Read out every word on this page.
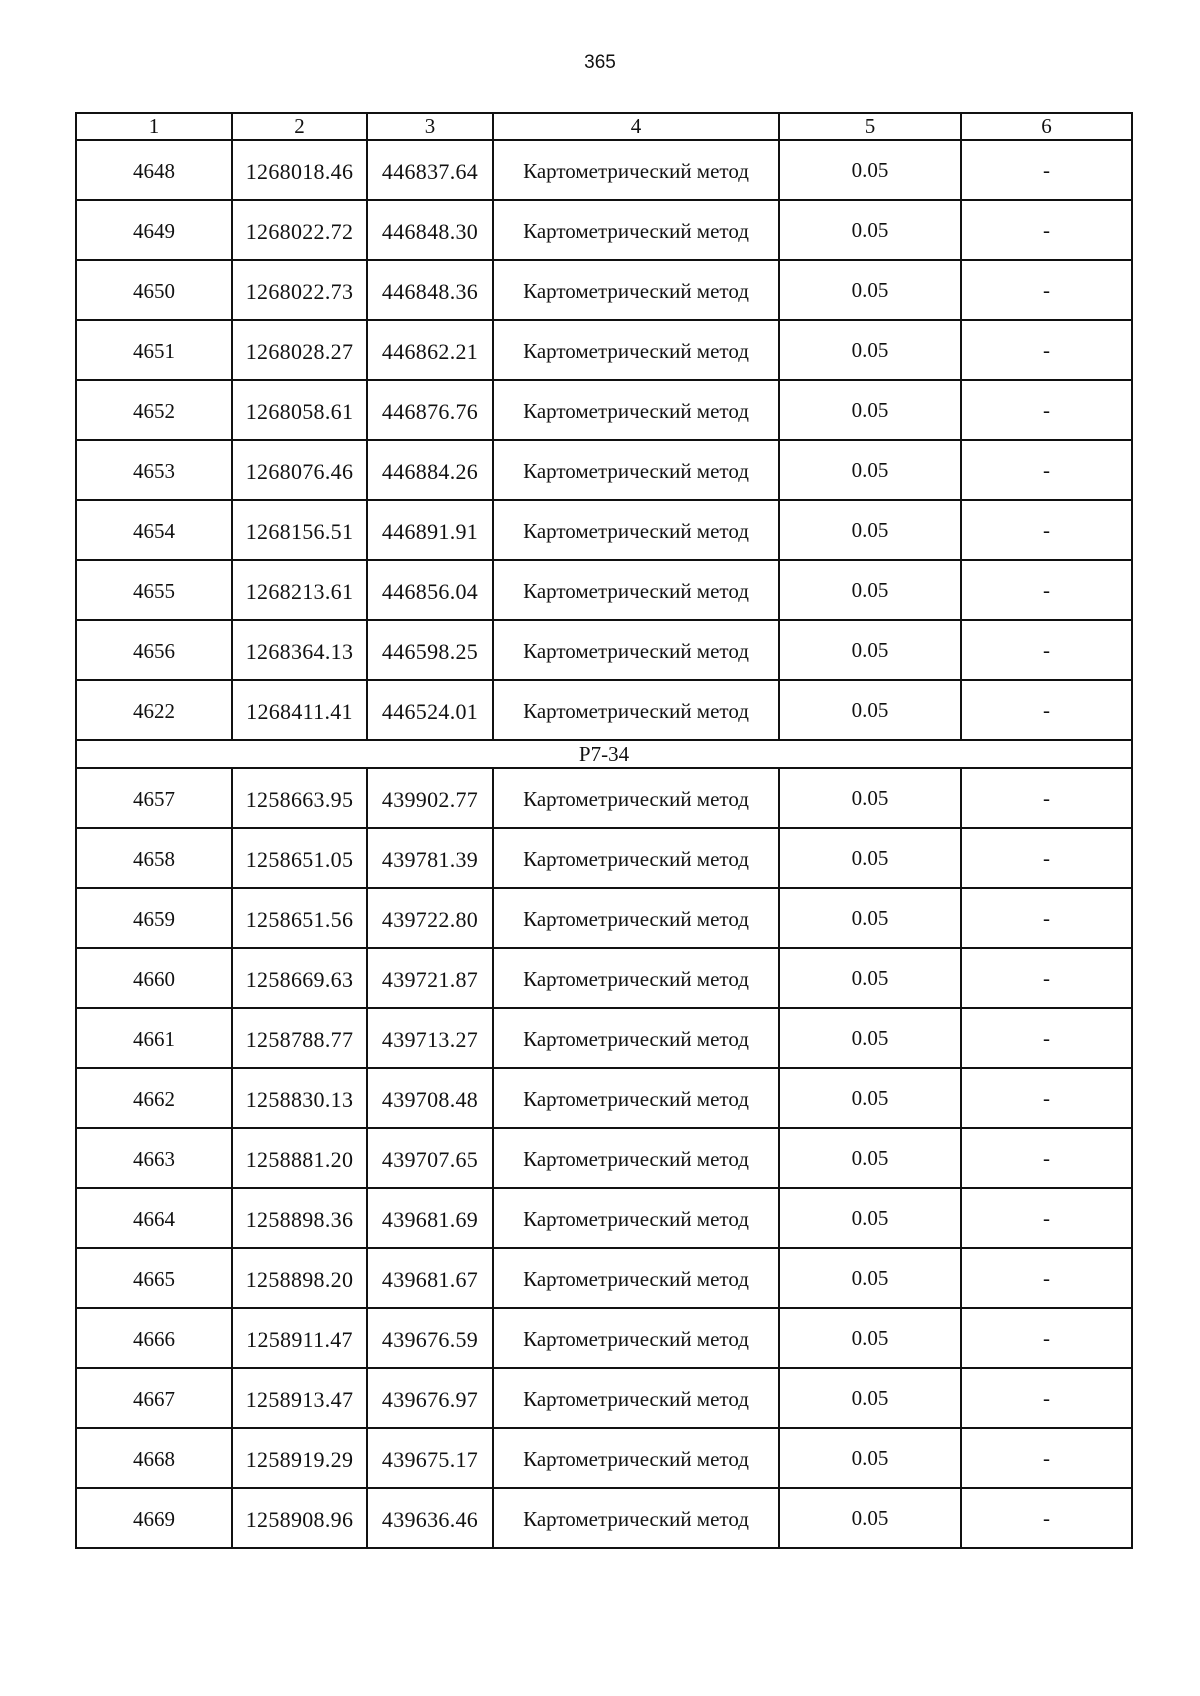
365
1	2	3	4	5	6
4648	1268018.46	446837.64	Картометрический метод	0.05	-
4649	1268022.72	446848.30	Картометрический метод	0.05	-
4650	1268022.73	446848.36	Картометрический метод	0.05	-
4651	1268028.27	446862.21	Картометрический метод	0.05	-
4652	1268058.61	446876.76	Картометрический метод	0.05	-
4653	1268076.46	446884.26	Картометрический метод	0.05	-
4654	1268156.51	446891.91	Картометрический метод	0.05	-
4655	1268213.61	446856.04	Картометрический метод	0.05	-
4656	1268364.13	446598.25	Картометрический метод	0.05	-
4622	1268411.41	446524.01	Картометрический метод	0.05	-
P7-34					
4657	1258663.95	439902.77	Картометрический метод	0.05	-
4658	1258651.05	439781.39	Картометрический метод	0.05	-
4659	1258651.56	439722.80	Картометрический метод	0.05	-
4660	1258669.63	439721.87	Картометрический метод	0.05	-
4661	1258788.77	439713.27	Картометрический метод	0.05	-
4662	1258830.13	439708.48	Картометрический метод	0.05	-
4663	1258881.20	439707.65	Картометрический метод	0.05	-
4664	1258898.36	439681.69	Картометрический метод	0.05	-
4665	1258898.20	439681.67	Картометрический метод	0.05	-
4666	1258911.47	439676.59	Картометрический метод	0.05	-
4667	1258913.47	439676.97	Картометрический метод	0.05	-
4668	1258919.29	439675.17	Картометрический метод	0.05	-
4669	1258908.96	439636.46	Картометрический метод	0.05	-
